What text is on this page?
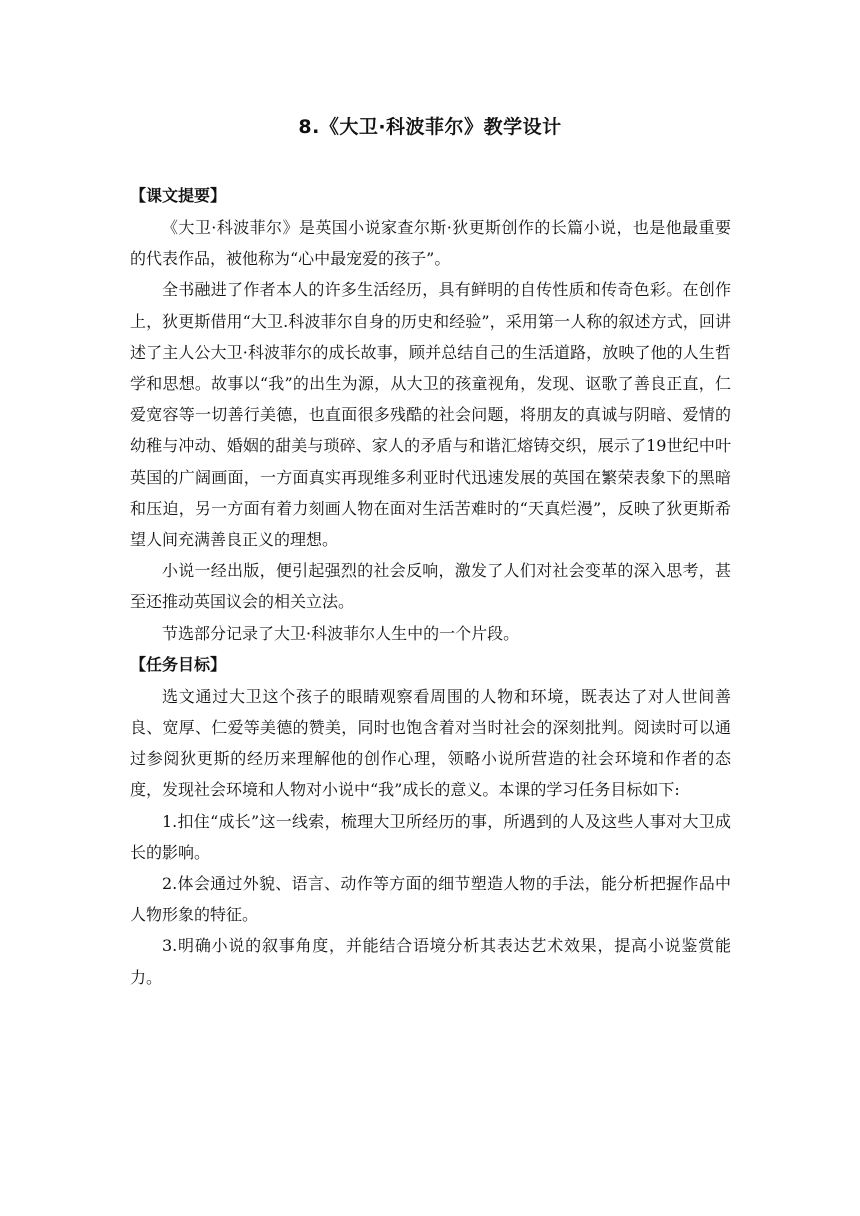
8.《大卫·科波菲尔》教学设计
【课文提要】

《大卫·科波菲尔》是英国小说家查尔斯·狄更斯创作的长篇小说，也是他最重要的代表作品，被他称为“心中最宠爱的孩子”。

全书融进了作者本人的许多生活经历，具有鲜明的自传性质和传奇色彩。在创作上，狄更斯借用“大卫.科波菲尔自身的历史和经验”，采用第一人称的叙述方式，回讲述了主人公大卫·科波菲尔的成长故事，顾并总结自己的生活道路，放映了他的人生哲学和思想。故事以“我”的出生为源，从大卫的孩童视角，发现、讴歌了善良正直，仁爱宽容等一切善行美德，也直面很多残酷的社会问题，将朋友的真诚与阴暗、爱情的幼稚与冲动、婚姻的甜美与琐碎、家人的矛盾与和谐汇熔铸交织，展示了19世纪中叶英国的广阔画面，一方面真实再现维多利亚时代迅速发展的英国在繁荣表象下的黑暗和压迫，另一方面有着力刻画人物在面对生活苦难时的“天真烂漫”，反映了狄更斯希望人间充满善良正义的理想。

小说一经出版，便引起强烈的社会反响，激发了人们对社会变革的深入思考，甚至还推动英国议会的相关立法。

节选部分记录了大卫·科波菲尔人生中的一个片段。

【任务目标】

选文通过大卫这个孩子的眼睛观察看周围的人物和环境，既表达了对人世间善良、宽厚、仁爱等美德的赞美，同时也饱含着对当时社会的深刻批判。阅读时可以通过参阅狄更斯的经历来理解他的创作心理，领略小说所营造的社会环境和作者的态度，发现社会环境和人物对小说中“我”成长的意义。本课的学习任务目标如下:

1.扣住“成长”这一线索，梳理大卫所经历的事，所遇到的人及这些人事对大卫成长的影响。

2.体会通过外貌、语言、动作等方面的细节塑造人物的手法，能分析把握作品中人物形象的特征。

3.明确小说的叙事角度，并能结合语境分析其表达艺术效果，提高小说鉴赏能力。
